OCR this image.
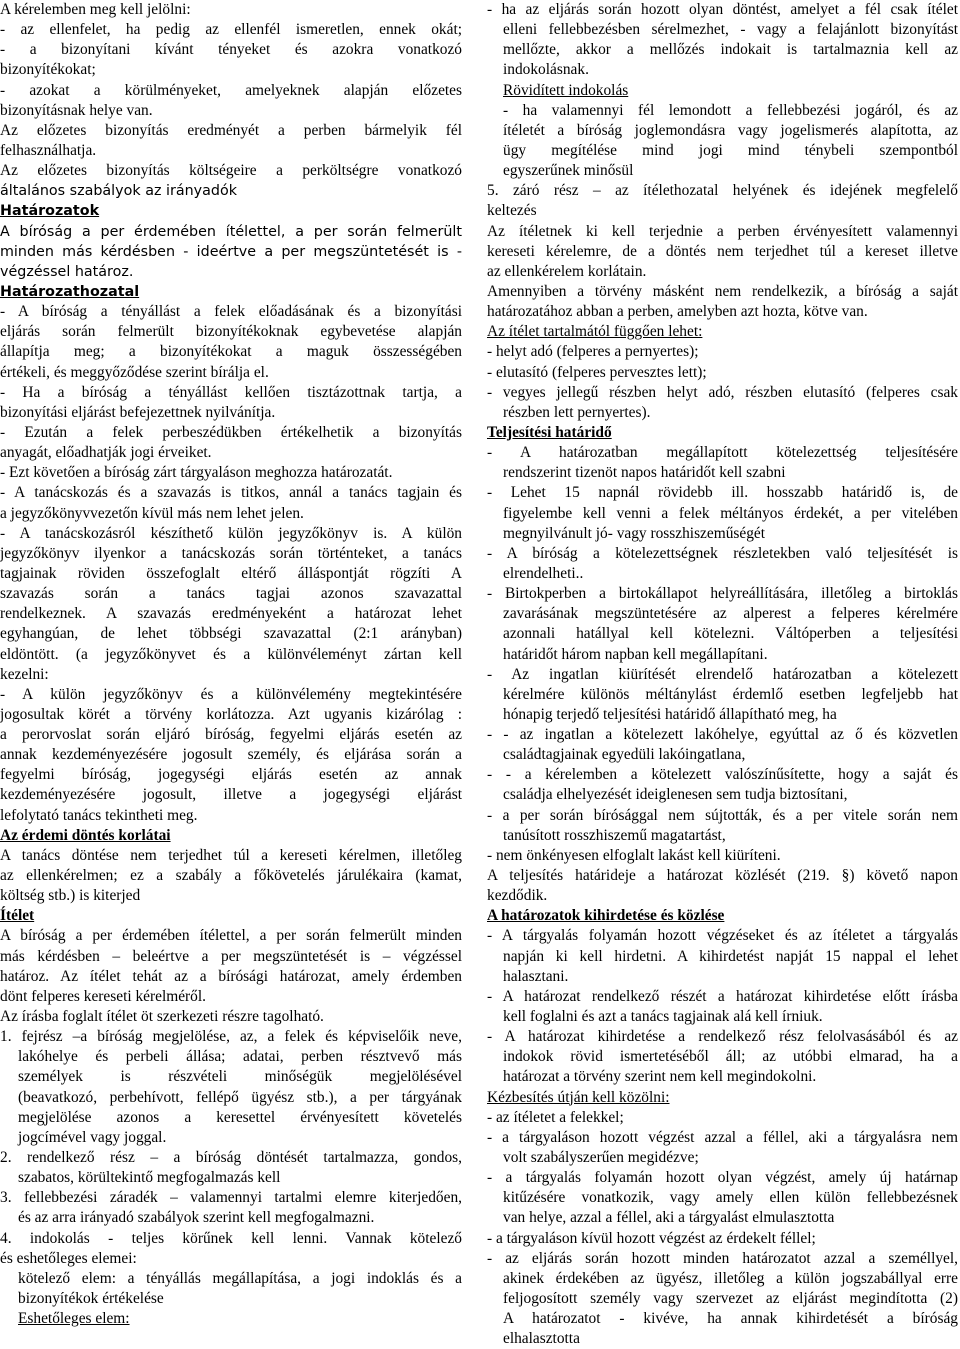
A kérelemben meg kell jelölni:
- az ellenfelet, ha pedig az ellenfél ismeretlen, ennek okát;
- a bizonyítani kívánt tényeket és azokra vonatkozó
bizonyítékokat;
- azokat a körülményeket, amelyeknek alapján előzetes
bizonyításnak helye van.
Az előzetes bizonyítás eredményét a perben bármelyik fél
felhasználhatja.
Az előzetes bizonyítás költségeire a perköltségre vonatkozó
általános szabályok az irányadók
Határozatok
A bíróság a per érdemében ítélettel, a per során felmerült
minden más kérdésben - ideértve a per megszüntetését is -
végzéssel határoz.
Határozathozatal
- A bíróság a tényállást a felek előadásának és a bizonyítási
eljárás során felmerült bizonyítékoknak egybevetése alapján
állapítja meg; a bizonyítékokat a maguk összességében
értékeli, és meggyőződése szerint bírálja el.
- Ha a bíróság a tényállást kellően tisztázottnak tartja, a
bizonyítási eljárást befejezettnek nyilvánítja.
- Ezután a felek perbeszédükben értékelhetik a bizonyítás
anyagát, előadhatják jogi érveiket.
- Ezt követően a bíróság zárt tárgyaláson meghozza határozatát.
- A tanácskozás és a szavazás is titkos, annál a tanács tagjain és
a jegyzőkönyvvezetőn kívül más nem lehet jelen.
- A tanácskozásról készíthető külön jegyzőkönyv is. A külön
jegyzőkönyv ilyenkor a tanácskozás során történteket, a tanács
tagjainak röviden összefoglalt eltérő álláspontját rögzíti A
szavazás során a tanács tagjai azonos szavazattal
rendelkeznek. A szavazás eredményeként a határozat lehet
egyhangúan, de lehet többségi szavazattal (2:1 arányban)
eldöntött. (a jegyzőkönyvet és a különvéleményt zártan kell
kezelni:
- A külön jegyzőkönyv és a különvélemény megtekintésére
jogosultak körét a törvény korlátozza. Azt ugyanis kizárólag :
a perorvoslat során eljáró bíróság, fegyelmi eljárás esetén az
annak kezdeményezésére jogosult személy, és eljárása során a
fegyelmi bíróság, jogegységi eljárás esetén az annak
kezdeményezésére jogosult, illetve a jogegységi eljárást
lefolytató tanács tekintheti meg.
Az érdemi döntés korlátai
A tanács döntése nem terjedhet túl a kereseti kérelmen, illetőleg
az ellenkérelmen; ez a szabály a főkövetelés járulékaira (kamat,
költség stb.) is kiterjed
Ítélet
A bíróság a per érdemében ítélettel, a per során felmerült minden
más kérdésben – beleértve a per megszüntetését is – végzéssel
határoz. Az ítélet tehát az a bírósági határozat, amely érdemben
dönt felperes kereseti kérelméről.
Az írásba foglalt ítélet öt szerkezeti részre tagolható.
1. fejrész –a bíróság megjelölése, az, a felek és képviselőik neve,
lakóhelye és perbeli állása; adatai, perben résztvevő más
személyek is részvételi minőségük megjelölésével
(beavatkozó, perbehívott, fellépő ügyész stb.), a per tárgyának
megjelölése azonos a keresettel érvényesített követelés
jogcímével vagy joggal.
2. rendelkező rész – a bíróság döntését tartalmazza, gondos,
szabatos, körültekintő megfogalmazás kell
3. fellebbezési záradék – valamennyi tartalmi elemre kiterjedően,
és az arra irányadó szabályok szerint kell megfogalmazni.
4. indokolás - teljes körűnek kell lenni. Vannak kötelező
és eshetőleges elemei:
kötelező elem: a tényállás megállapítása, a jogi indoklás és a
bizonyítékok értékelése
Eshetőleges elem:
- ha az eljárás során hozott olyan döntést, amelyet a fél csak ítélet
elleni fellebbezésben sérelmezhet, - vagy a felajánlott bizonyítást
mellőzte, akkor a mellőzés indokait is tartalmaznia kell az
indokolásnak.
Rövidített indokolás
- ha valamennyi fél lemondott a fellebbezési jogáról, és az
ítéletét a bíróság joglemondásra vagy jogelismerés alapította, az
ügy megítélése mind jogi mind ténybeli szempontból
egyszerűnek minősül
5. záró rész – az ítélethozatal helyének és idejének megfelelő
keltezés
Az ítéletnek ki kell terjednie a perben érvényesített valamennyi
kereseti kérelemre, de a döntés nem terjedhet túl a kereset illetve
az ellenkérelem korlátain.
Amennyiben a törvény másként nem rendelkezik, a bíróság a saját
határozatához abban a perben, amelyben azt hozta, kötve van.
Az ítélet tartalmától függően lehet:
- helyt adó (felperes a pernyertes);
- elutasító (felperes pervesztes lett);
- vegyes jellegű részben helyt adó, részben elutasító (felperes csak
részben lett pernyertes).
Teljesítési határidő
- A határozatban megállapított kötelezettség teljesítésére
rendszerint tizenöt napos határidőt kell szabni
- Lehet 15 napnál rövidebb ill. hosszabb határidő is, de
figyelembe kell venni a felek méltányos érdekét, a per vitelében
megnyilvánult jó- vagy rosszhiszeműségét
- A bíróság a kötelezettségnek részletekben való teljesítését is
elrendelheti..
- Birtokperben a birtokállapot helyreállítására, illetőleg a birtoklás
zavarásának megszüntetésére az alperest a felperes kérelmére
azonnali hatállyal kell kötelezni. Váltóperben a teljesítési
határidőt három napban kell megállapítani.
- Az ingatlan kiürítését elrendelő határozatban a kötelezett
kérelmére különös méltánylást érdemlő esetben legfeljebb hat
hónapig terjedő teljesítési határidő állapítható meg, ha
- - az ingatlan a kötelezett lakóhelye, egyúttal az ő és közvetlen
családtagjainak egyedüli lakóingatlana,
- - a kérelemben a kötelezett valószínűsítette, hogy a saját és
családja elhelyezését ideiglenesen sem tudja biztosítani,
- a per során bírósággal nem sújtották, és a per vitele során nem
tanúsított rosszhiszemű magatartást,
- nem önkényesen elfoglalt lakást kell kiüríteni.
A teljesítés határideje a határozat közlését (219. §) követő napon
kezdődik.
A határozatok kihirdetése és közlése
- A tárgyalás folyamán hozott végzéseket és az ítéletet a tárgyalás
napján ki kell hirdetni. A kihirdetést napját 15 nappal el lehet
halasztani.
- A határozat rendelkező részét a határozat kihirdetése előtt írásba
kell foglalni és azt a tanács tagjainak alá kell írniuk.
- A határozat kihirdetése a rendelkező rész felolvasásából és az
indokok rövid ismertetéséből áll; az utóbbi elmarad, ha a
határozat a törvény szerint nem kell megindokolni.
Kézbesítés útján kell közölni:
- az ítéletet a felekkel;
- a tárgyaláson hozott végzést azzal a féllel, aki a tárgyalásra nem
volt szabályszerűen megidézve;
- a tárgyalás folyamán hozott olyan végzést, amely új határnap
kitűzésére vonatkozik, vagy amely ellen külön fellebbezésnek
van helye, azzal a féllel, aki a tárgyalást elmulasztotta
- a tárgyaláson kívül hozott végzést az érdekelt féllel;
- az eljárás során hozott minden határozatot azzal a személlyel,
akinek érdekében az ügyész, illetőleg a külön jogszabállyal erre
feljogosított személy vagy szervezet az eljárást megindította (2)
A határozatot - kivéve, ha annak kihirdetését a bíróság
elhalasztotta
